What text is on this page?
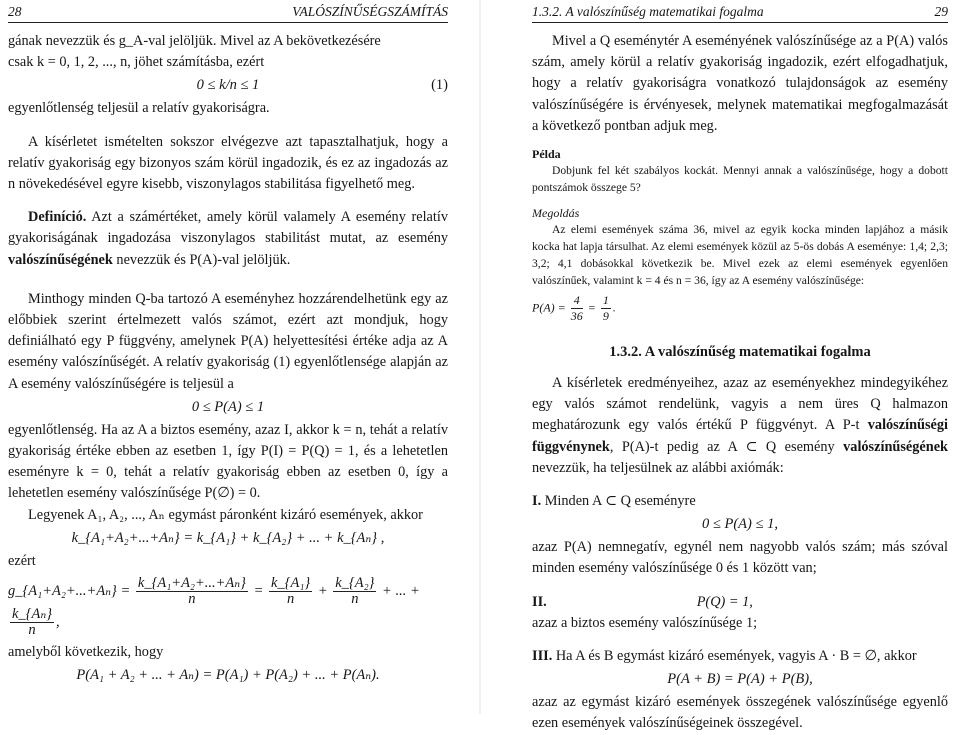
28	VALÓSZÍNŰSÉGSZÁMÍTÁS

gának nevezzük és g_A-val jelöljük. Mivel az A bekövetkezésére

csak k = 0, 1, 2, ..., n, jöhet számításba, ezért

0 ≤ k/n ≤ 1	(1)

egyenlőtlenség teljesül a relatív gyakoriságra.

A kísérletet ismételten sokszor elvégezve azt tapasztalhatjuk, hogy a relatív gyakoriság egy bizonyos szám körül ingadozik, és ez az ingadozás az n növekedésével egyre kisebb, viszonylagos stabilitása figyelhető meg.

Definíció. Azt a számértéket, amely körül valamely A esemény relatív gyakoriságának ingadozása viszonylagos stabilitást mutat, az esemény valószínűségének nevezzük és P(A)-val jelöljük.

Minthogy minden Q-ba tartozó A eseményhez hozzárendelhetünk egy az előbbiek szerint értelmezett valós számot, ezért azt mondjuk, hogy definiálható egy P függvény, amelynek P(A) helyettesítési értéke adja az A esemény valószínűségét. A relatív gyakoriság (1) egyenlőtlensége alapján az A esemény valószínűségére is teljesül a

0 ≤ P(A) ≤ 1

egyenlőtlenség. Ha az A a biztos esemény, azaz I, akkor k = n, tehát a relatív gyakoriság értéke ebben az esetben 1, így P(I) = P(Q) = 1, és a lehetetlen eseményre k = 0, tehát a relatív gyakoriság ebben az esetben 0, így a lehetetlen esemény valószínűsége P(∅) = 0.

Legyenek A₁, A₂, ..., Aₙ egymást páronként kizáró események, akkor

k_{A₁+A₂+...+Aₙ} = k_{A₁} + k_{A₂} + ... + k_{Aₙ} ,

ezért

g_{A₁+A₂+...+Aₙ} = $\frac{\text{k\_\{A₁+A₂+...+Aₙ\}}}{n} = \frac{\text{k\_\{A₁\}}}{n} + \frac{\text{k\_\{A₂\}}}{n}$ + ... +
$\frac{\text{k\_\{Aₙ\}}}{n}$ ,

amelyből következik, hogy

P(A₁ + A₂ + ... + Aₙ) = P(A₁) + P(A₂) + ... + P(Aₙ).
1.3.2. A valószínűség matematikai fogalma	29

Mivel a Q eseménytér A eseményének valószínűsége az a P(A) valós szám, amely körül a relatív gyakoriság ingadozik, ezért elfogadhatjuk, hogy a relatív gyakoriságra vonatkozó tulajdonságok az esemény valószínűségére is érvényesek, melynek matematikai megfogalmazását a következő pontban adjuk meg.

Példa

Dobjunk fel két szabályos kockát. Mennyi annak a valószínűsége, hogy a dobott pontszámok összege 5?

Megoldás

Az elemi események száma 36, mivel az egyik kocka minden lapjához a másik kocka hat lapja társulhat. Az elemi események közül az 5-ös dobás A eseménye: 1,4; 2,3; 3,2; 4,1 dobásokkal következik be. Mivel ezek az elemi események egyenlően valószínűek, valamint k = 4 és n = 36, így az A esemény valószínűsége:

$P(A) = \frac{4}{36} = \frac{1}{9}$ .
1.3.2. A valószínűség matematikai fogalma

A kísérletek eredményeihez, azaz az eseményekhez mindegyikéhez egy valós számot rendelünk, vagyis a nem üres Q halmazon meghatározunk egy valós értékű P függvényt. A P-t valószínűségi függvénynek, P(A)-t pedig az A ⊂ Q esemény valószínűségének nevezzük, ha teljesülnek az alábbi axiómák:

I. Minden A ⊂ Q eseményre

0 ≤ P(A) ≤ 1,

azaz P(A) nemnegatív, egynél nem nagyobb valós szám; más szóval minden esemény valószínűsége 0 és 1 között van;

II.	P(Q) = 1,

azaz a biztos esemény valószínűsége 1;

III. Ha A és B egymást kizáró események, vagyis A · B = ∅, akkor

P(A + B) = P(A) + P(B),

azaz az egymást kizáró események összegének valószínűsége egyenlő ezen események valószínűségeinek összegével.
